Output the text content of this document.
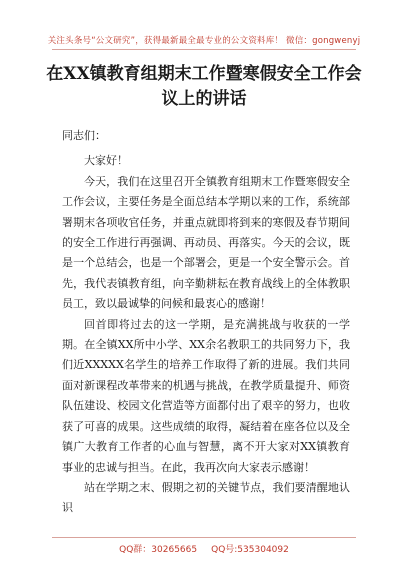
关注头条号“公文研究”，获得最新最全最专业的公文资料库！ 微信：gongwenyj
在XX镇教育组期末工作暨寒假安全工作会议上的讲话

同志们：

大家好！

今天，我们在这里召开全镇教育组期末工作暨寒假安全工作会议，主要任务是全面总结本学期以来的工作，系统部署期末各项收官任务，并重点就即将到来的寒假及春节期间的安全工作进行再强调、再动员、再落实。今天的会议，既是一个总结会，也是一个部署会，更是一个安全警示会。首先，我代表镇教育组，向辛勤耕耘在教育战线上的全体教职员工，致以最诚挚的问候和最衷心的感谢！

回首即将过去的这一学期，是充满挑战与收获的一学期。在全镇XX所中小学、XX余名教职工的共同努力下，我们近XXXXX名学生的培养工作取得了新的进展。我们共同面对新课程改革带来的机遇与挑战，在教学质量提升、师资队伍建设、校园文化营造等方面都付出了艰辛的努力，也收获了可喜的成果。这些成绩的取得，凝结着在座各位以及全镇广大教育工作者的心血与智慧，离不开大家对XX镇教育事业的忠诚与担当。在此，我再次向大家表示感谢！

站在学期之末、假期之初的关键节点，我们要清醒地认识

QQ群：30265665 QQ号:535304092
